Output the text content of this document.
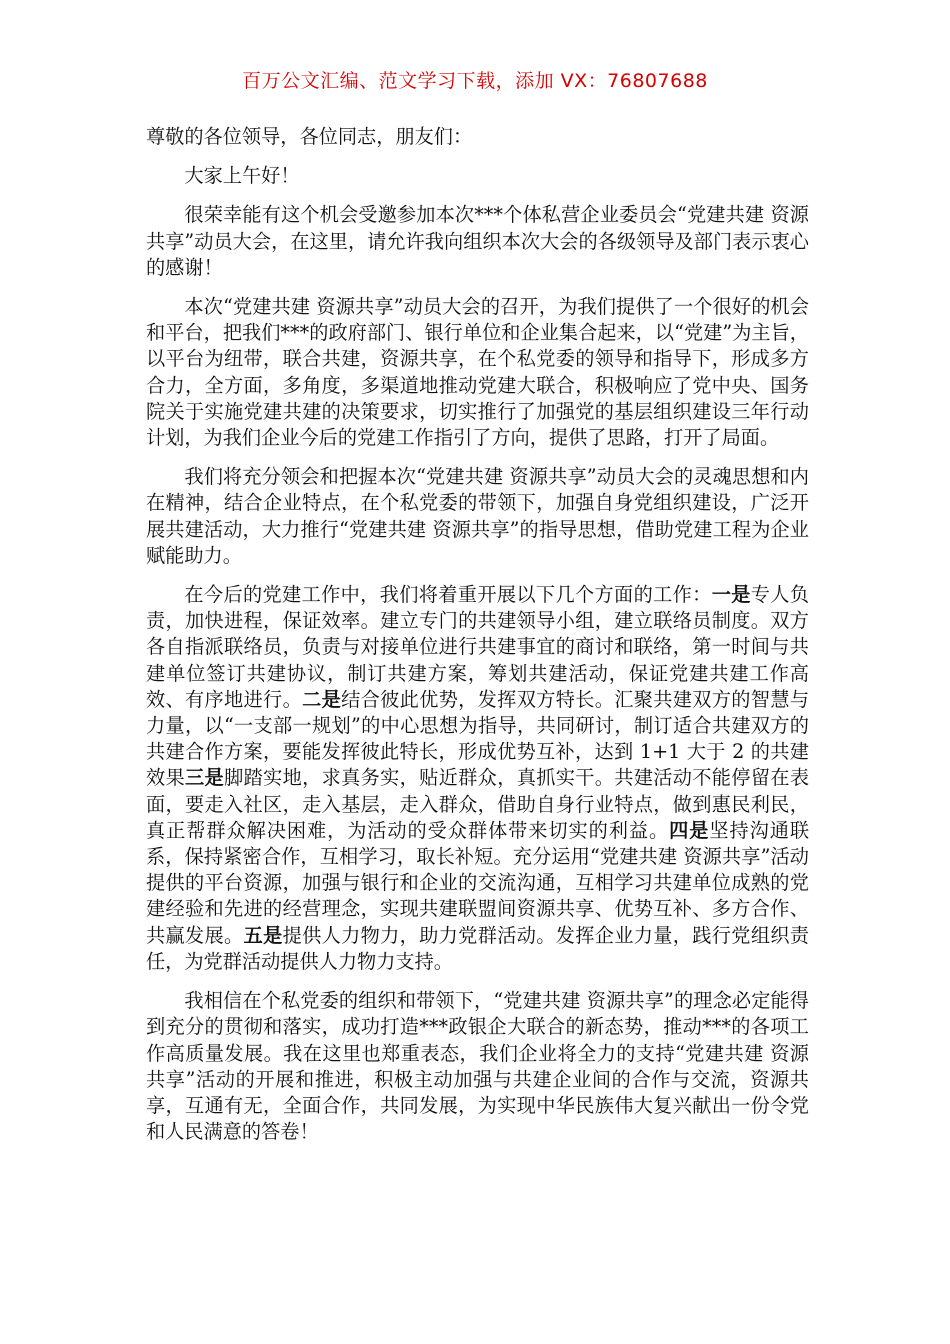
百万公文汇编、范文学习下载，添加 VX：76807688

尊敬的各位领导，各位同志，朋友们：

大家上午好！

很荣幸能有这个机会受邀参加本次***个体私营企业委员会“党建共建 资源共享”动员大会，在这里，请允许我向组织本次大会的各级领导及部门表示衷心的感谢！

本次“党建共建 资源共享”动员大会的召开，为我们提供了一个很好的机会和平台，把我们***的政府部门、银行单位和企业集合起来，以“党建”为主旨，以平台为纽带，联合共建，资源共享，在个私党委的领导和指导下，形成多方合力，全方面，多角度，多渠道地推动党建大联合，积极响应了党中央、国务院关于实施党建共建的决策要求，切实推行了加强党的基层组织建设三年行动计划，为我们企业今后的党建工作指引了方向，提供了思路，打开了局面。

我们将充分领会和把握本次“党建共建 资源共享”动员大会的灵魂思想和内在精神，结合企业特点，在个私党委的带领下，加强自身党组织建设，广泛开展共建活动，大力推行“党建共建 资源共享”的指导思想，借助党建工程为企业赋能助力。

在今后的党建工作中，我们将着重开展以下几个方面的工作：一是专人负责，加快进程，保证效率。建立专门的共建领导小组，建立联络员制度。双方各自指派联络员，负责与对接单位进行共建事宜的商讨和联络，第一时间与共建单位签订共建协议，制订共建方案，筹划共建活动，保证党建共建工作高效、有序地进行。二是结合彼此优势，发挥双方特长。汇聚共建双方的智慧与力量，以“一支部一规划”的中心思想为指导，共同研讨，制订适合共建双方的共建合作方案，要能发挥彼此特长，形成优势互补，达到 1+1 大于 2 的共建效果三是脚踏实地，求真务实，贴近群众，真抓实干。共建活动不能停留在表面，要走入社区，走入基层，走入群众，借助自身行业特点，做到惠民利民，真正帮群众解决困难，为活动的受众群体带来切实的利益。四是坚持沟通联系，保持紧密合作，互相学习，取长补短。充分运用“党建共建 资源共享”活动提供的平台资源，加强与银行和企业的交流沟通，互相学习共建单位成熟的党建经验和先进的经营理念，实现共建联盟间资源共享、优势互补、多方合作、共赢发展。五是提供人力物力，助力党群活动。发挥企业力量，践行党组织责任，为党群活动提供人力物力支持。

我相信在个私党委的组织和带领下，“党建共建 资源共享”的理念必定能得到充分的贯彻和落实，成功打造***政银企大联合的新态势，推动***的各项工作高质量发展。我在这里也郑重表态，我们企业将全力的支持“党建共建 资源共享”活动的开展和推进，积极主动加强与共建企业间的合作与交流，资源共享，互通有无，全面合作，共同发展，为实现中华民族伟大复兴献出一份令党和人民满意的答卷！
